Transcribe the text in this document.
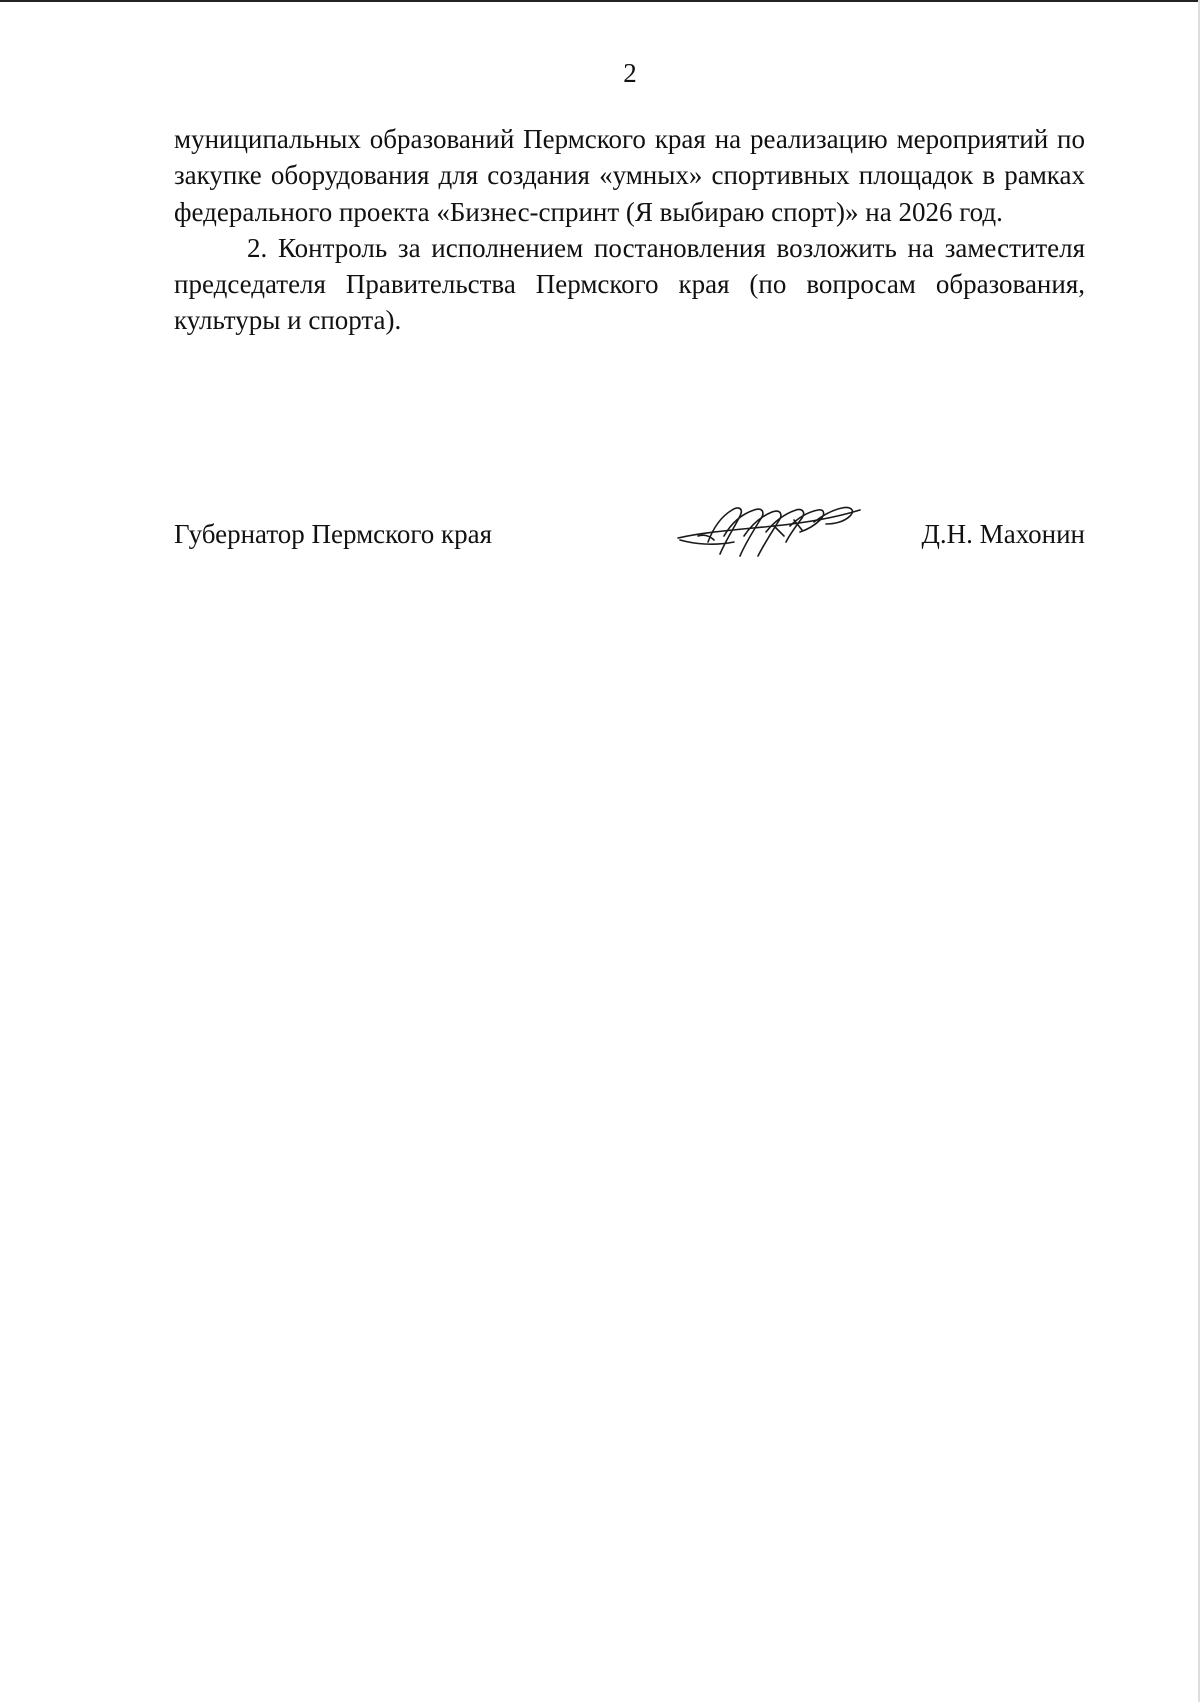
2

муниципальных образований Пермского края на реализацию мероприятий по закупке оборудования для создания «умных» спортивных площадок в рамках федерального проекта «Бизнес-спринт (Я выбираю спорт)» на 2026 год.

2. Контроль за исполнением постановления возложить на заместителя председателя Правительства Пермского края (по вопросам образования, культуры и спорта).

Губернатор Пермского края	Д.Н. Махонин
